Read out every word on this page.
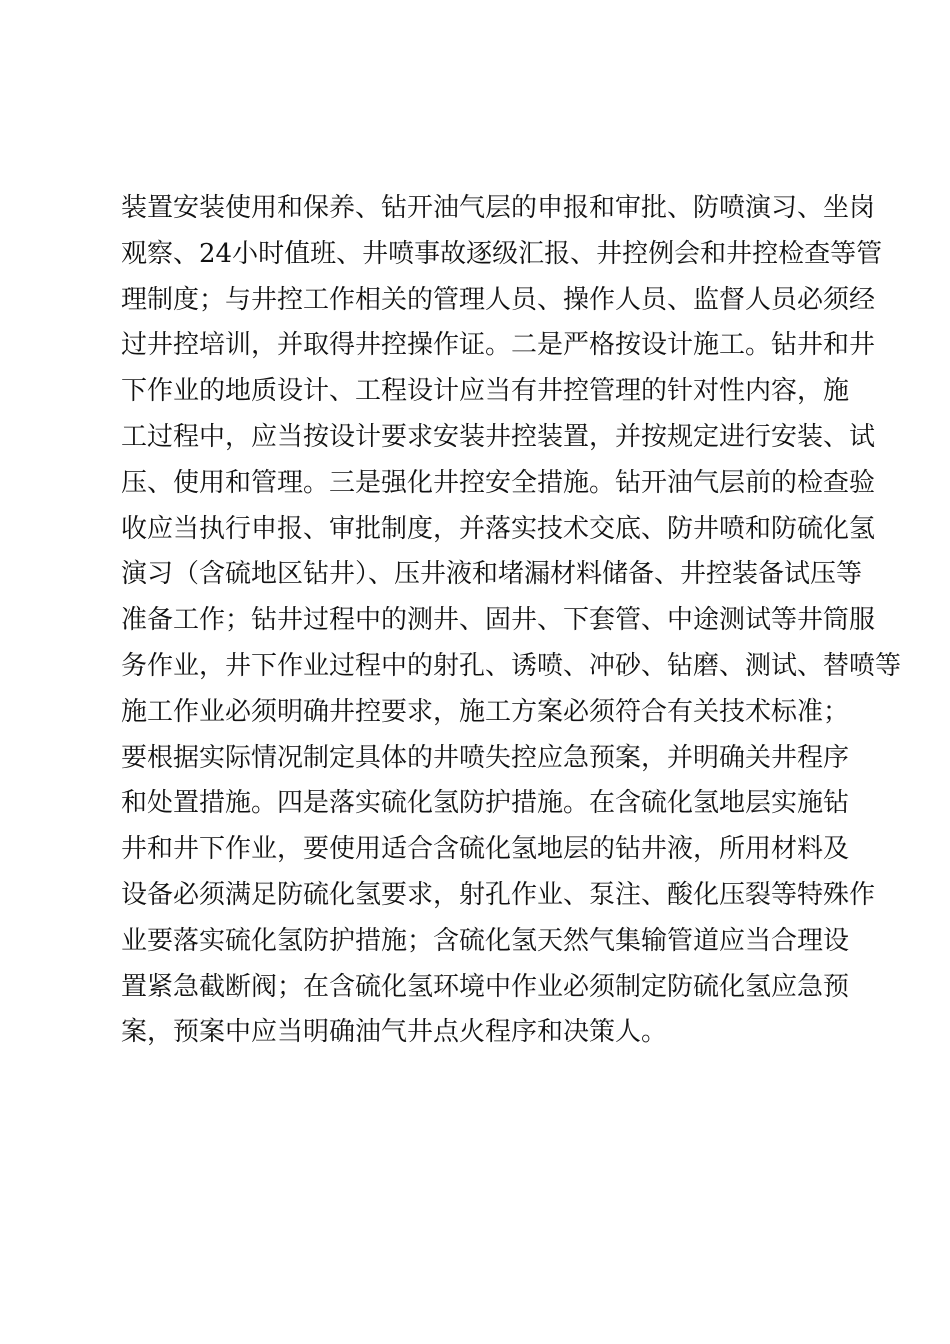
装置安装使用和保养、钻开油气层的申报和审批、防喷演习、坐岗
观察、24小时值班、井喷事故逐级汇报、井控例会和井控检查等管
理制度；与井控工作相关的管理人员、操作人员、监督人员必须经
过井控培训，并取得井控操作证。二是严格按设计施工。钻井和井
下作业的地质设计、工程设计应当有井控管理的针对性内容，施
工过程中，应当按设计要求安装井控装置，并按规定进行安装、试
压、使用和管理。三是强化井控安全措施。钻开油气层前的检查验
收应当执行申报、审批制度，并落实技术交底、防井喷和防硫化氢
演习（含硫地区钻井）、压井液和堵漏材料储备、井控装备试压等
准备工作；钻井过程中的测井、固井、下套管、中途测试等井筒服
务作业，井下作业过程中的射孔、诱喷、冲砂、钻磨、测试、替喷等
施工作业必须明确井控要求，施工方案必须符合有关技术标准；
要根据实际情况制定具体的井喷失控应急预案，并明确关井程序
和处置措施。四是落实硫化氢防护措施。在含硫化氢地层实施钻
井和井下作业，要使用适合含硫化氢地层的钻井液，所用材料及
设备必须满足防硫化氢要求，射孔作业、泵注、酸化压裂等特殊作
业要落实硫化氢防护措施；含硫化氢天然气集输管道应当合理设
置紧急截断阀；在含硫化氢环境中作业必须制定防硫化氢应急预
案，预案中应当明确油气井点火程序和决策人。
